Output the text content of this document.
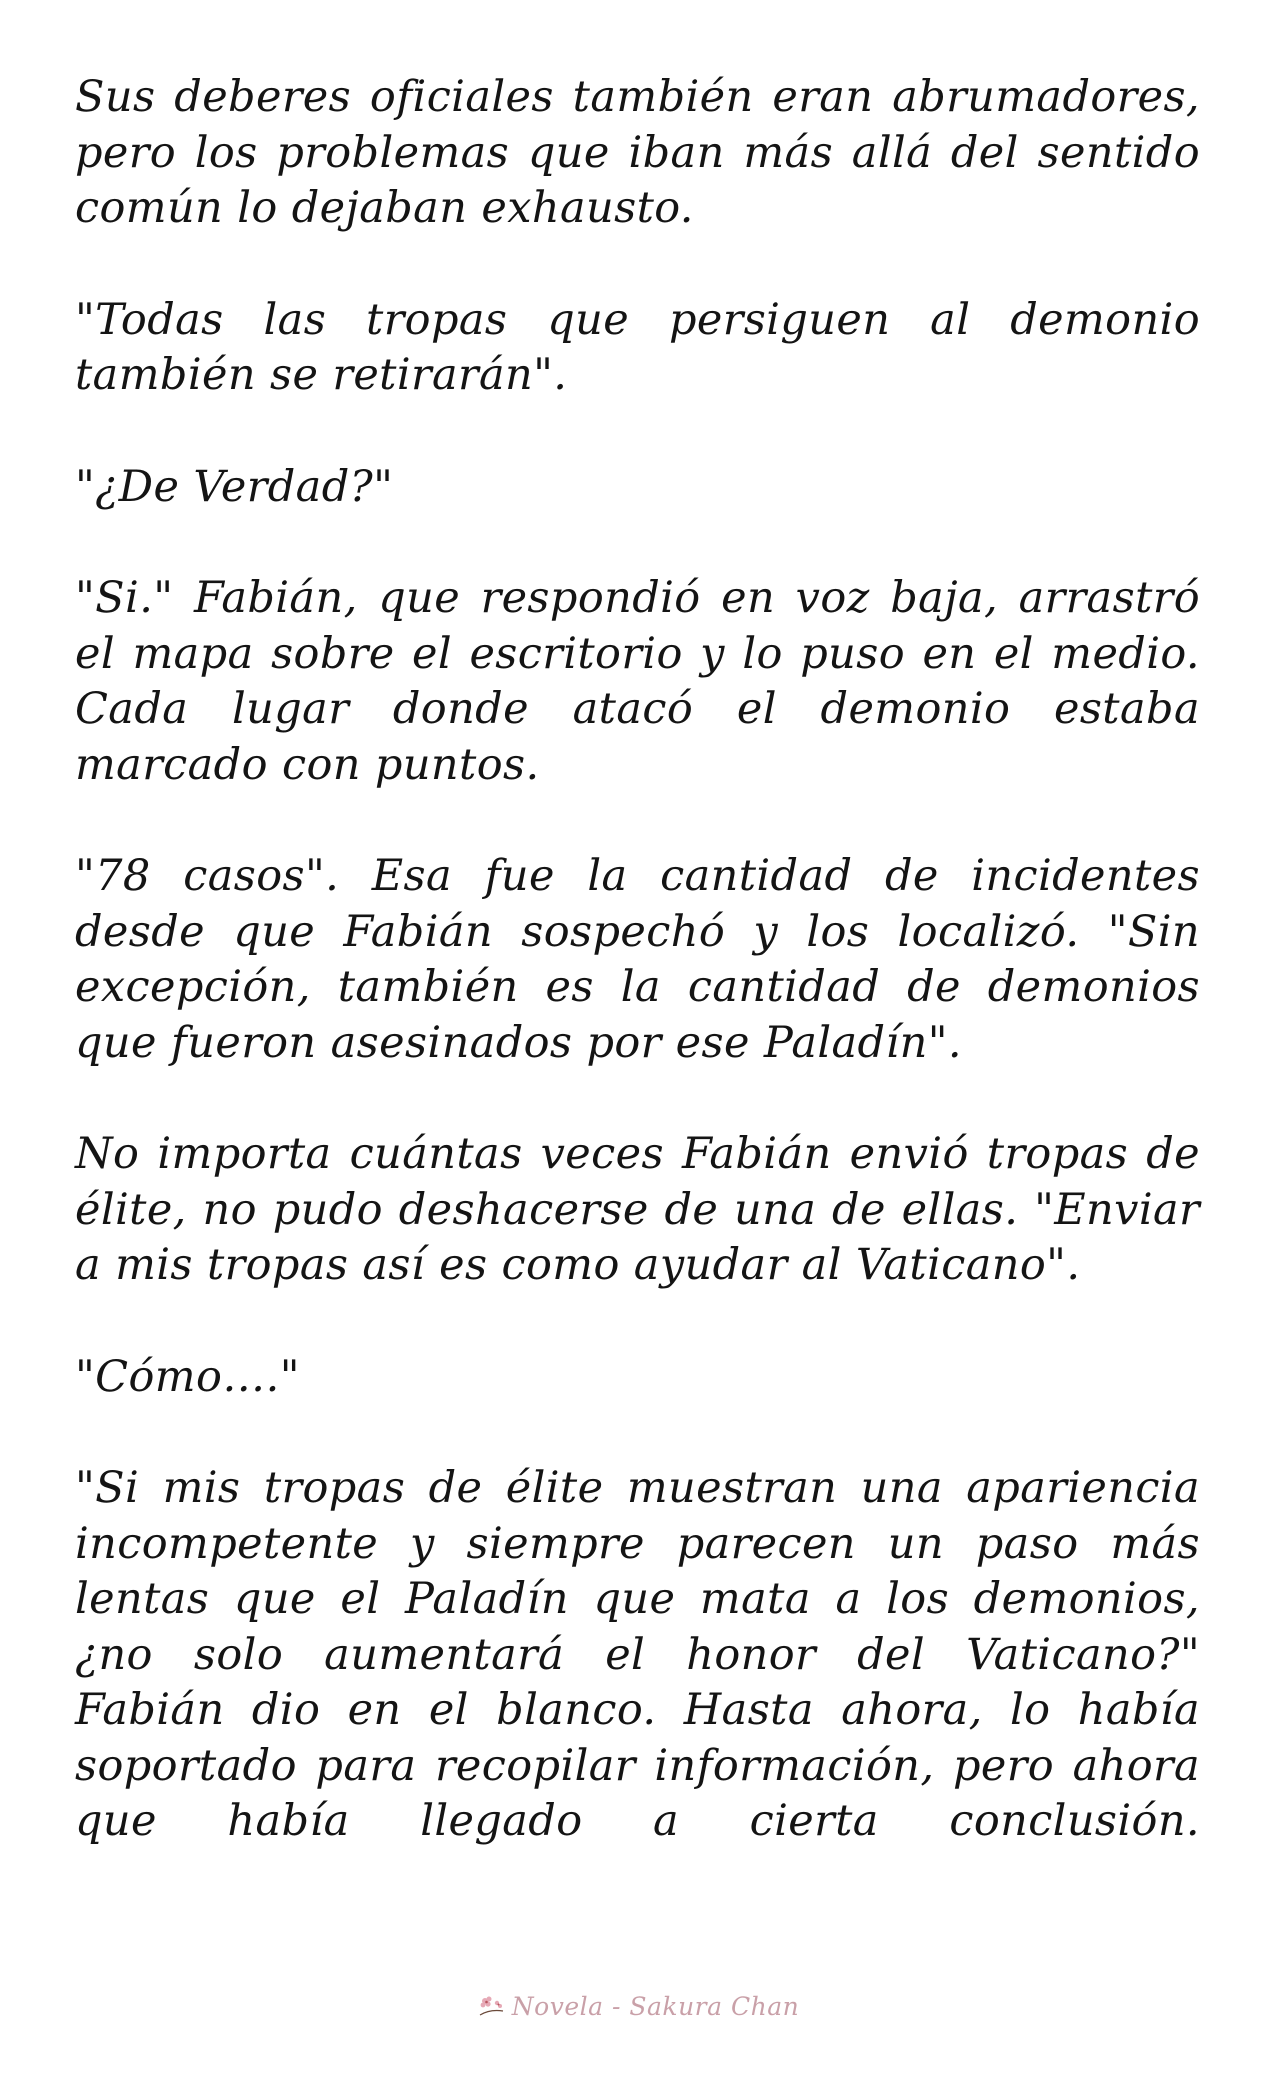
Sus deberes oficiales también eran abrumadores, pero los problemas que iban más allá del sentido común lo dejaban exhausto.

"Todas las tropas que persiguen al demonio también se retirarán".

"¿De Verdad?"

"Si." Fabián, que respondió en voz baja, arrastró el mapa sobre el escritorio y lo puso en el medio. Cada lugar donde atacó el demonio estaba marcado con puntos.

"78 casos". Esa fue la cantidad de incidentes desde que Fabián sospechó y los localizó. "Sin excepción, también es la cantidad de demonios que fueron asesinados por ese Paladín".

No importa cuántas veces Fabián envió tropas de élite, no pudo deshacerse de una de ellas. "Enviar a mis tropas así es como ayudar al Vaticano".

"Cómo…."

"Si mis tropas de élite muestran una apariencia incompetente y siempre parecen un paso más lentas que el Paladín que mata a los demonios, ¿no solo aumentará el honor del Vaticano?" Fabián dio en el blanco. Hasta ahora, lo había soportado para recopilar información, pero ahora que había llegado a cierta conclusión.

Novela - Sakura Chan
